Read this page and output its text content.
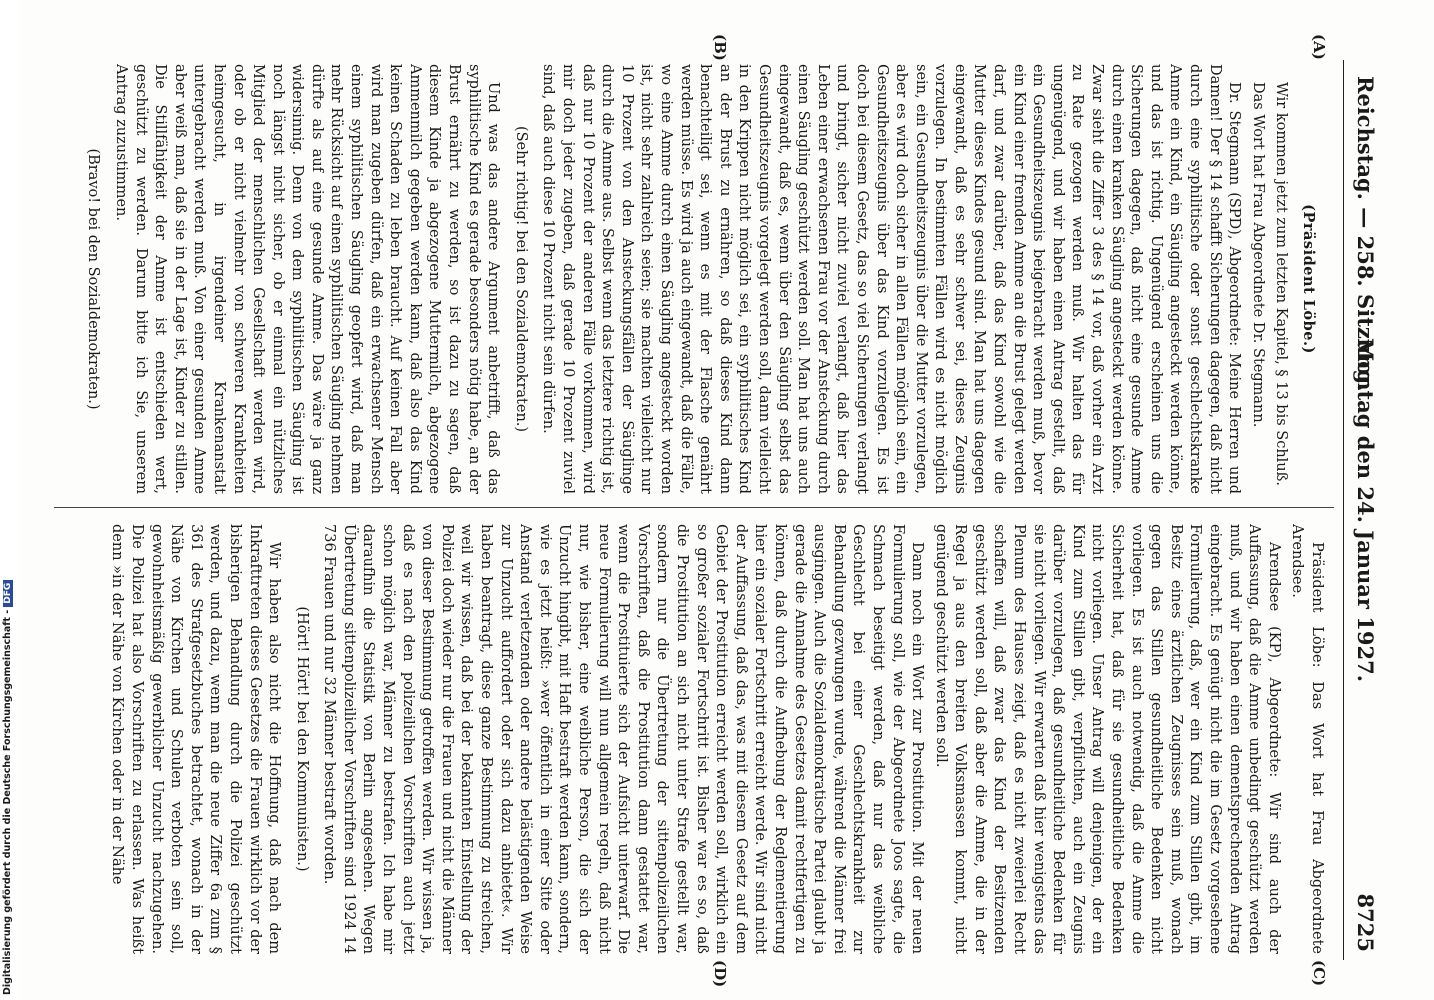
Reichstag. — 258. Sitzung.
Montag den 24. Januar 1927.
8725
(A)
(B)
(C)
(D)

(Präsident Löbe.)

Wir kommen jetzt zum letzten Kapitel, § 13 bis Schluß.

Das Wort hat Frau Abgeordnete Dr. Stegmann.

Dr. Stegmann (SPD), Abgeordnete: Meine Herren und Damen! Der § 14 schafft Sicherungen dagegen, daß nicht durch eine syphilitische oder sonst geschlechtskranke Amme ein Kind, ein Säugling angesteckt werden könne, und das ist richtig. Ungenügend erscheinen uns die Sicherungen dagegen, daß nicht eine gesunde Amme durch einen kranken Säugling angesteckt werden könne. Zwar sieht die Ziffer 3 des § 14 vor, daß vorher ein Arzt zu Rate gezogen werden muß. Wir halten das für ungenügend, und wir haben einen Antrag gestellt, daß ein Gesundheitszeugnis beigebracht werden muß, bevor ein Kind einer fremden Amme an die Brust gelegt werden darf, und zwar darüber, daß das Kind sowohl wie die Mutter dieses Kindes gesund sind. Man hat uns dagegen eingewandt, daß es sehr schwer sei, dieses Zeugnis vorzulegen. In bestimmten Fällen wird es nicht möglich sein, ein Gesundheitszeugnis über die Mutter vorzulegen, aber es wird doch sicher in allen Fällen möglich sein, ein Gesundheitszeugnis über das Kind vorzulegen. Es ist doch bei diesem Gesetz, das so viel Sicherungen verlangt und bringt, sicher nicht zuviel verlangt, daß hier das Leben einer erwachsenen Frau vor der Ansteckung durch einen Säugling geschützt werden soll. Man hat uns auch eingewandt, daß es, wenn über den Säugling selbst das Gesundheitszeugnis vorgelegt werden soll, dann vielleicht in den Krippen nicht möglich sei, ein syphilitisches Kind an der Brust zu ernähren, so daß dieses Kind dann benachteiligt sei, wenn es mit der Flasche genährt werden müsse. Es wird ja auch eingewandt, daß die Fälle, wo eine Amme durch einen Säugling angesteckt worden ist, nicht sehr zahlreich seien; sie machten vielleicht nur 10 Prozent von den Ansteckungsfällen der Säuglinge durch die Amme aus. Selbst wenn das letztere richtig ist, daß nur 10 Prozent der anderen Fälle vorkommen, wird mir doch jeder zugeben, daß gerade 10 Prozent zuviel sind, daß auch diese 10 Prozent nicht sein dürfen.

(Sehr richtig! bei den Sozialdemokraten.)

Und was das andere Argument anbetrifft, daß das syphilitische Kind es gerade besonders nötig habe, an der Brust ernährt zu werden, so ist dazu zu sagen, daß diesem Kinde ja abgezogene Muttermilch, abgezogene Ammenmilch gegeben werden kann, daß also das Kind keinen Schaden zu leben braucht. Auf keinen Fall aber wird man zugeben dürfen, daß ein erwachsener Mensch einem syphilitischen Säugling geopfert wird, daß man mehr Rücksicht auf einen syphilitischen Säugling nehmen dürfte als auf eine gesunde Amme. Das wäre ja ganz widersinnig. Denn von dem syphilitischen Säugling ist noch längst nicht sicher, ob er einmal ein nützliches Mitglied der menschlichen Gesellschaft werden wird, oder ob er nicht vielmehr von schweren Krankheiten heimgesucht, in irgendeiner Krankenanstalt untergebracht werden muß. Von einer gesunden Amme aber weiß man, daß sie in der Lage ist, Kinder zu stillen. Die Stillfähigkeit der Amme ist entschieden wert, geschützt zu werden. Darum bitte ich Sie, unserem Antrag zuzustimmen.

(Bravo! bei den Sozialdemokraten.)

Präsident Löbe: Das Wort hat Frau Abgeordnete Arendsee.

Arendsee (KP), Abgeordnete: Wir sind auch der Auffassung, daß die Amme unbedingt geschützt werden muß, und wir haben einen dementsprechenden Antrag eingebracht. Es genügt nicht die im Gesetz vorgesehene Formulierung, daß, wer ein Kind zum Stillen gibt, im Besitz eines ärztlichen Zeugnisses sein muß, wonach gegen das Stillen gesundheitliche Bedenken nicht vorliegen. Es ist auch notwendig, daß die Amme die Sicherheit hat, daß für sie gesundheitliche Bedenken nicht vorliegen. Unser Antrag will denjenigen, der ein Kind zum Stillen gibt, verpflichten, auch ein Zeugnis darüber vorzulegen, daß gesundheitliche Bedenken für sie nicht vorliegen. Wir erwarten daß hier wenigstens das Plenum des Hauses zeigt, daß es nicht zweierlei Recht schaffen will, daß zwar das Kind der Besitzenden geschützt werden soll, daß aber die Amme, die in der Regel ja aus den breiten Volksmassen kommt, nicht genügend geschützt werden soll.

Dann noch ein Wort zur Prostitution. Mit der neuen Formulierung soll, wie der Abgeordnete Joos sagte, die Schmach beseitigt werden, daß nur das weibliche Geschlecht bei einer Geschlechtskrankheit zur Behandlung gezwungen wurde, während die Männer frei ausgingen. Auch die Sozialdemokratische Partei glaubt ja gerade die Annahme des Gesetzes damit rechtfertigen zu können, daß durch die Aufhebung der Reglementierung hier ein sozialer Fortschritt erreicht werde. Wir sind nicht der Auffassung, daß das, was mit diesem Gesetz auf dem Gebiet der Prostitution erreicht werden soll, wirklich ein so großer sozialer Fortschritt ist. Bisher war es so, daß die Prostitution an sich nicht unter Strafe gestellt war, sondern nur die Übertretung der sittenpolizeilichen Vorschriften, daß die Prostitution dann gestattet war, wenn die Prostituierte sich der Aufsicht unterwarf. Die neue Formulierung will nun allgemein regeln, daß nicht nur, wie bisher, eine weibliche Person, die sich der Unzucht hingibt, mit Haft bestraft werden kann, sondern, wie es jetzt heißt: »wer öffentlich in einer Sitte oder Anstand verletzenden oder andere belästigenden Weise zur Unzucht auffordert oder sich dazu anbietet«. Wir haben beantragt, diese ganze Bestimmung zu streichen, weil wir wissen, daß bei der bekannten Einstellung der Polizei doch wieder nur die Frauen und nicht die Männer von dieser Bestimmung getroffen werden. Wir wissen ja, daß es nach den polizeilichen Vorschriften auch jetzt schon möglich war, Männer zu bestrafen. Ich habe mir daraufhin die Statistik von Berlin angesehen. Wegen Übertretung sittenpolizeilicher Vorschriften sind 1924 14 736 Frauen und nur 32 Männer bestraft worden.

(Hört! Hört! bei den Kommunisten.)

Wir haben also nicht die Hoffnung, daß nach dem Inkrafttreten dieses Gesetzes die Frauen wirklich vor der bisherigen Behandlung durch die Polizei geschützt werden, und dazu, wenn man die neue Ziffer 6a zum § 361 des Strafgesetzbuches betrachtet, wonach in der Nähe von Kirchen und Schulen verboten sein soll, gewohnheitsmäßig gewerblicher Unzucht nachzugehen. Die Polizei hat also Vorschriften zu erlassen. Was heißt denn »in der Nähe von Kirchen oder in der Nähe

Digitalisierung gefördert durch die Deutsche Forschungsgemeinschaft -DFG
